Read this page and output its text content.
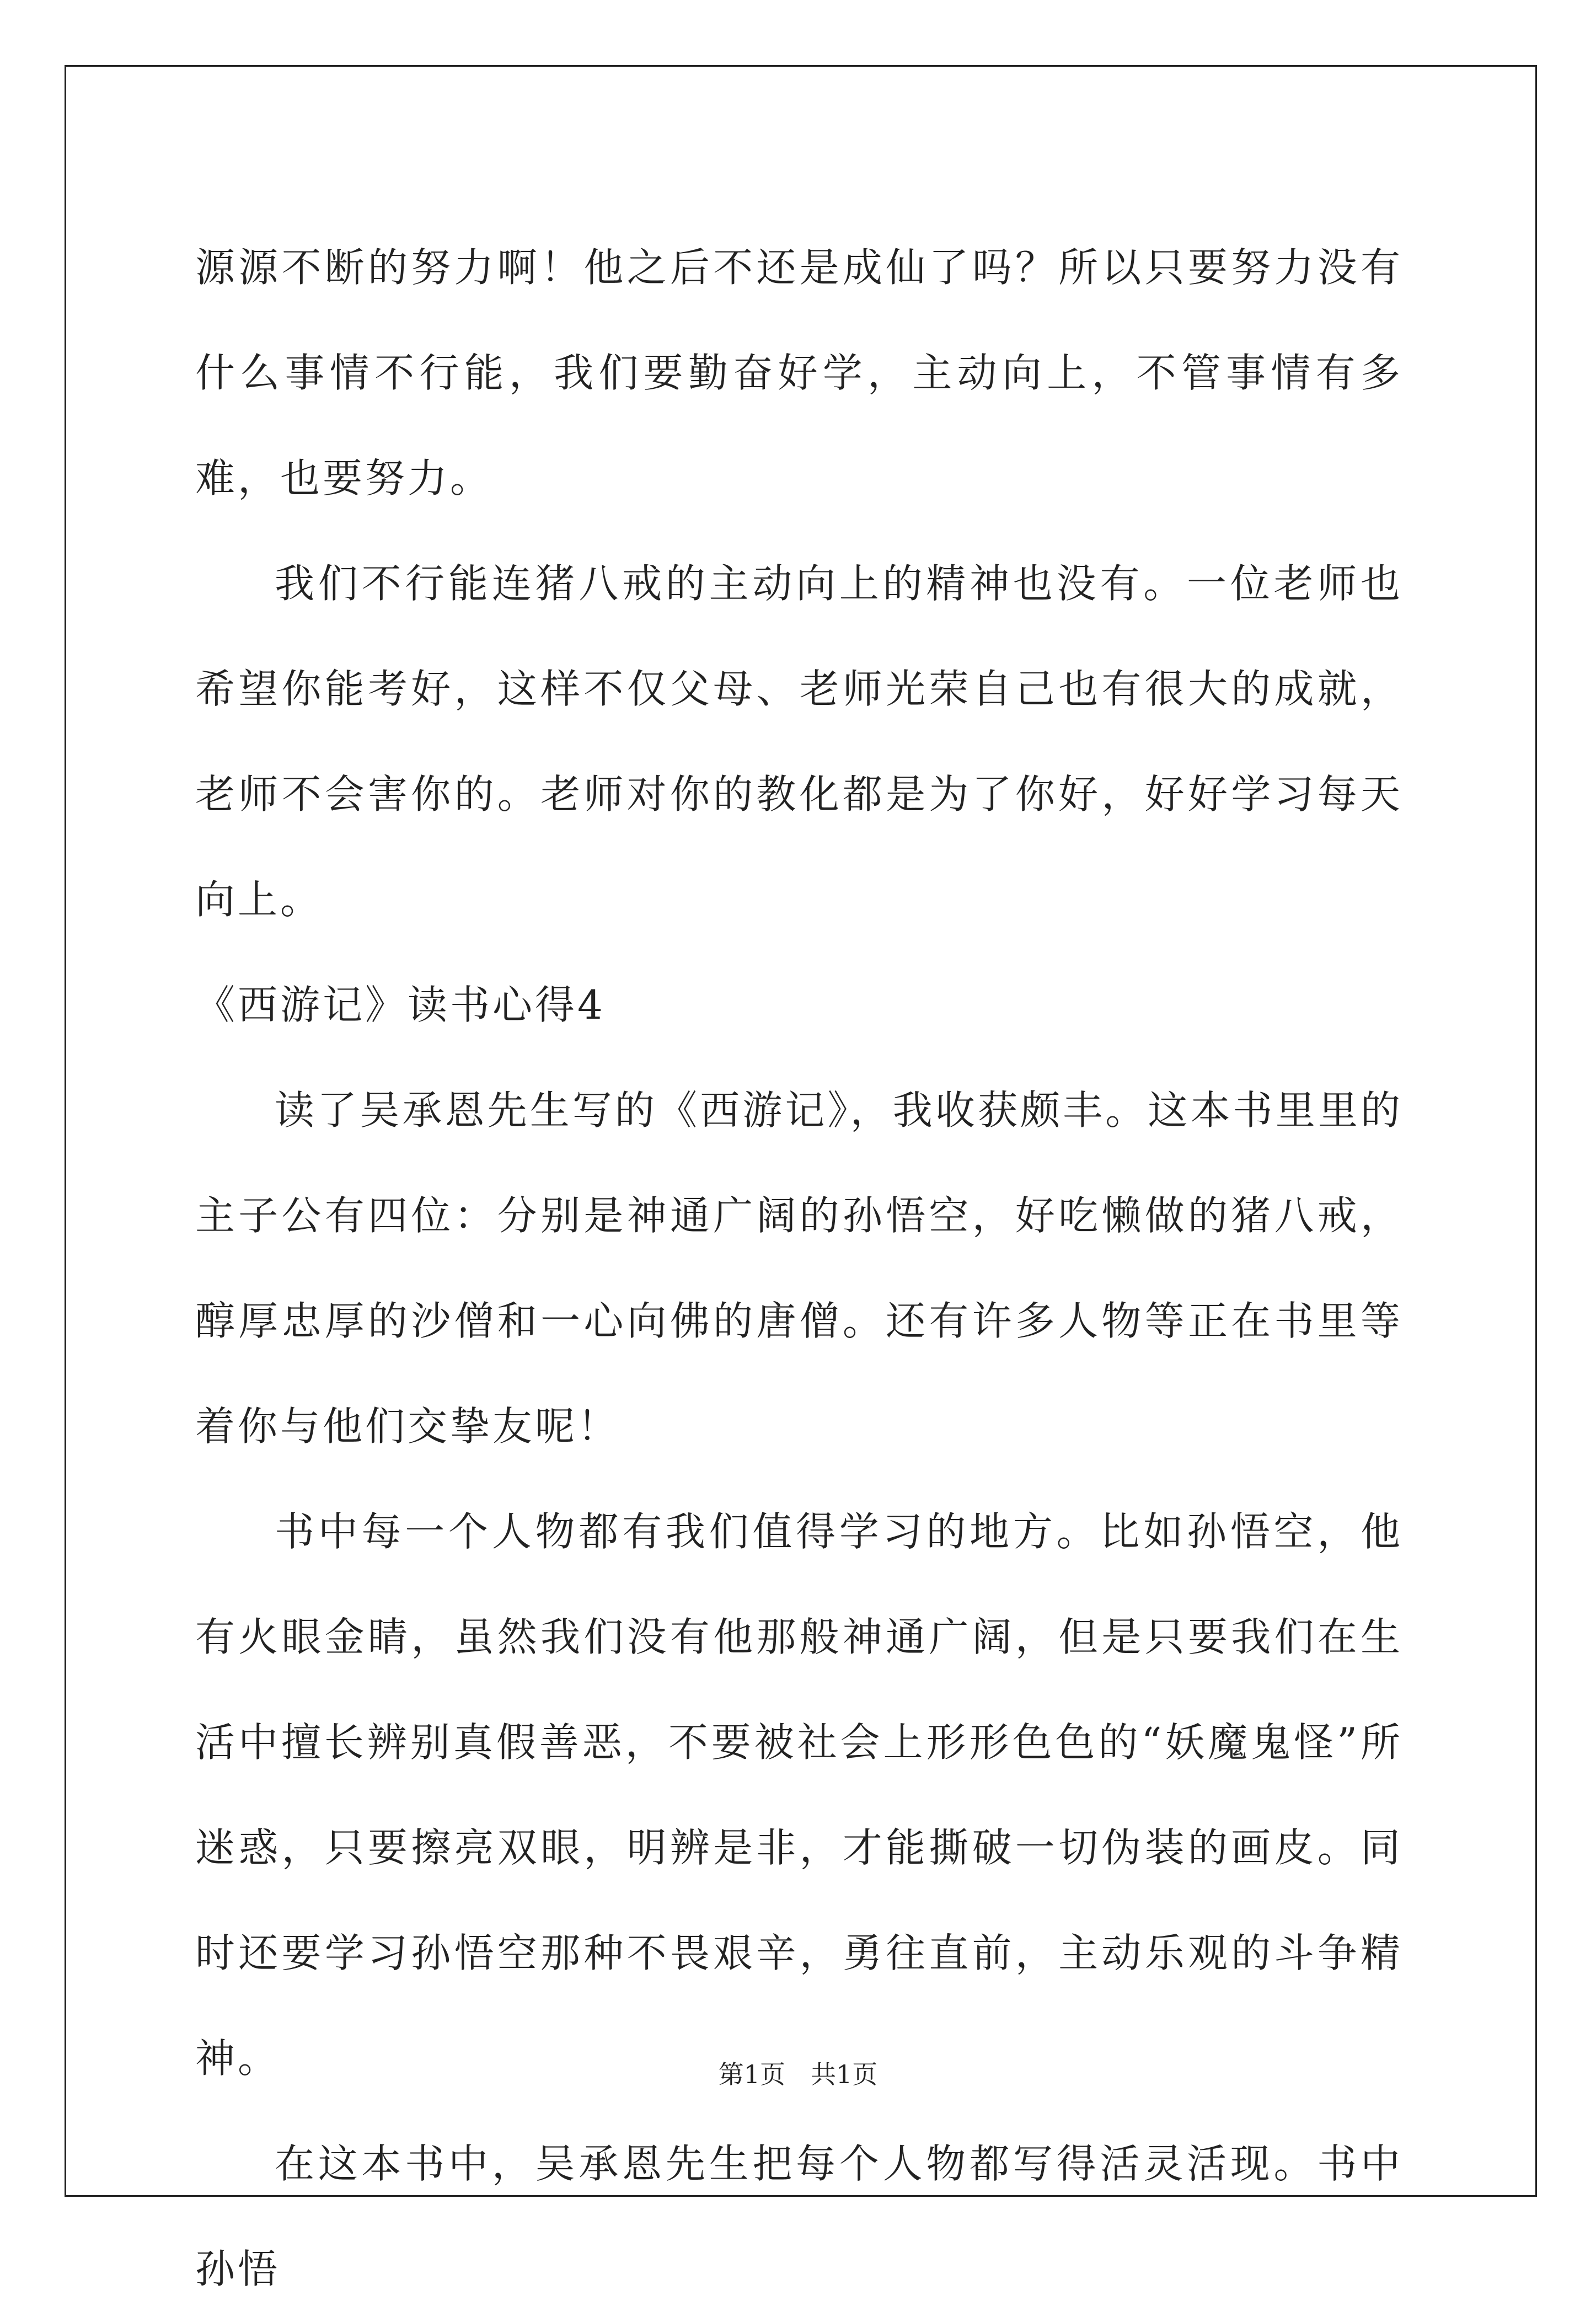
源源不断的努力啊！他之后不还是成仙了吗？所以只要努力没有什么事情不行能，我们要勤奋好学，主动向上，不管事情有多难，也要努力。

我们不行能连猪八戒的主动向上的精神也没有。一位老师也希望你能考好，这样不仅父母、老师光荣自己也有很大的成就，老师不会害你的。老师对你的教化都是为了你好，好好学习每天向上。

《西游记》读书心得4

读了吴承恩先生写的《西游记》，我收获颇丰。这本书里里的主子公有四位：分别是神通广阔的孙悟空，好吃懒做的猪八戒，醇厚忠厚的沙僧和一心向佛的唐僧。还有许多人物等正在书里等着你与他们交挚友呢！

书中每一个人物都有我们值得学习的地方。比如孙悟空，他有火眼金睛，虽然我们没有他那般神通广阔，但是只要我们在生活中擅长辨别真假善恶，不要被社会上形形色色的“妖魔鬼怪”所迷惑，只要擦亮双眼，明辨是非，才能撕破一切伪装的画皮。同时还要学习孙悟空那种不畏艰辛，勇往直前，主动乐观的斗争精神。

在这本书中，吴承恩先生把每个人物都写得活灵活现。书中孙悟

第1页　共1页
